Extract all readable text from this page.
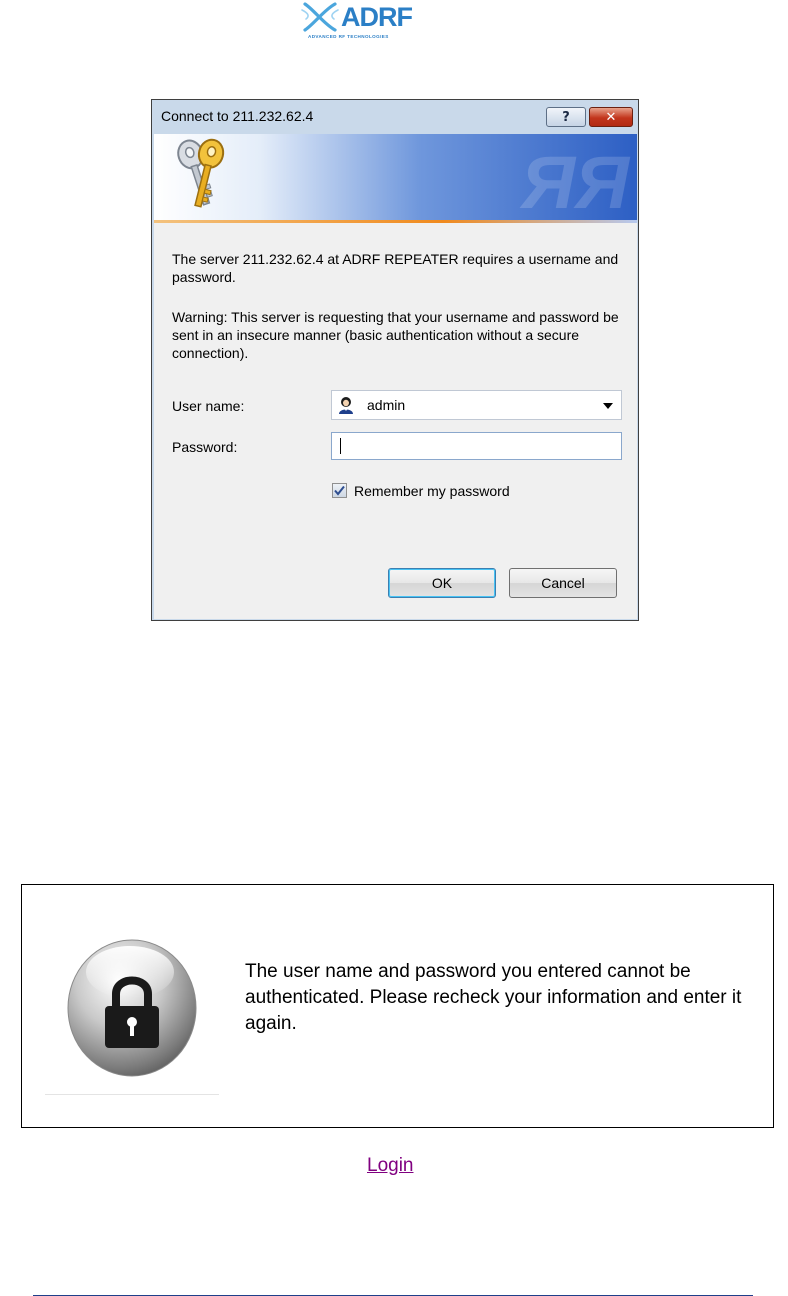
ADRF
ADVANCED RF TECHNOLOGIES
Connect to 211.232.62.4	?	✕
ЯЯ

The server 211.232.62.4 at ADRF REPEATER requires a username and password.

Warning: This server is requesting that your username and password be sent in an insecure manner (basic authentication without a secure connection).

User name:	admin
Password:
Remember my password
OK	Cancel

The user name and password you entered cannot be authenticated. Please recheck your information and enter it again.

Login
